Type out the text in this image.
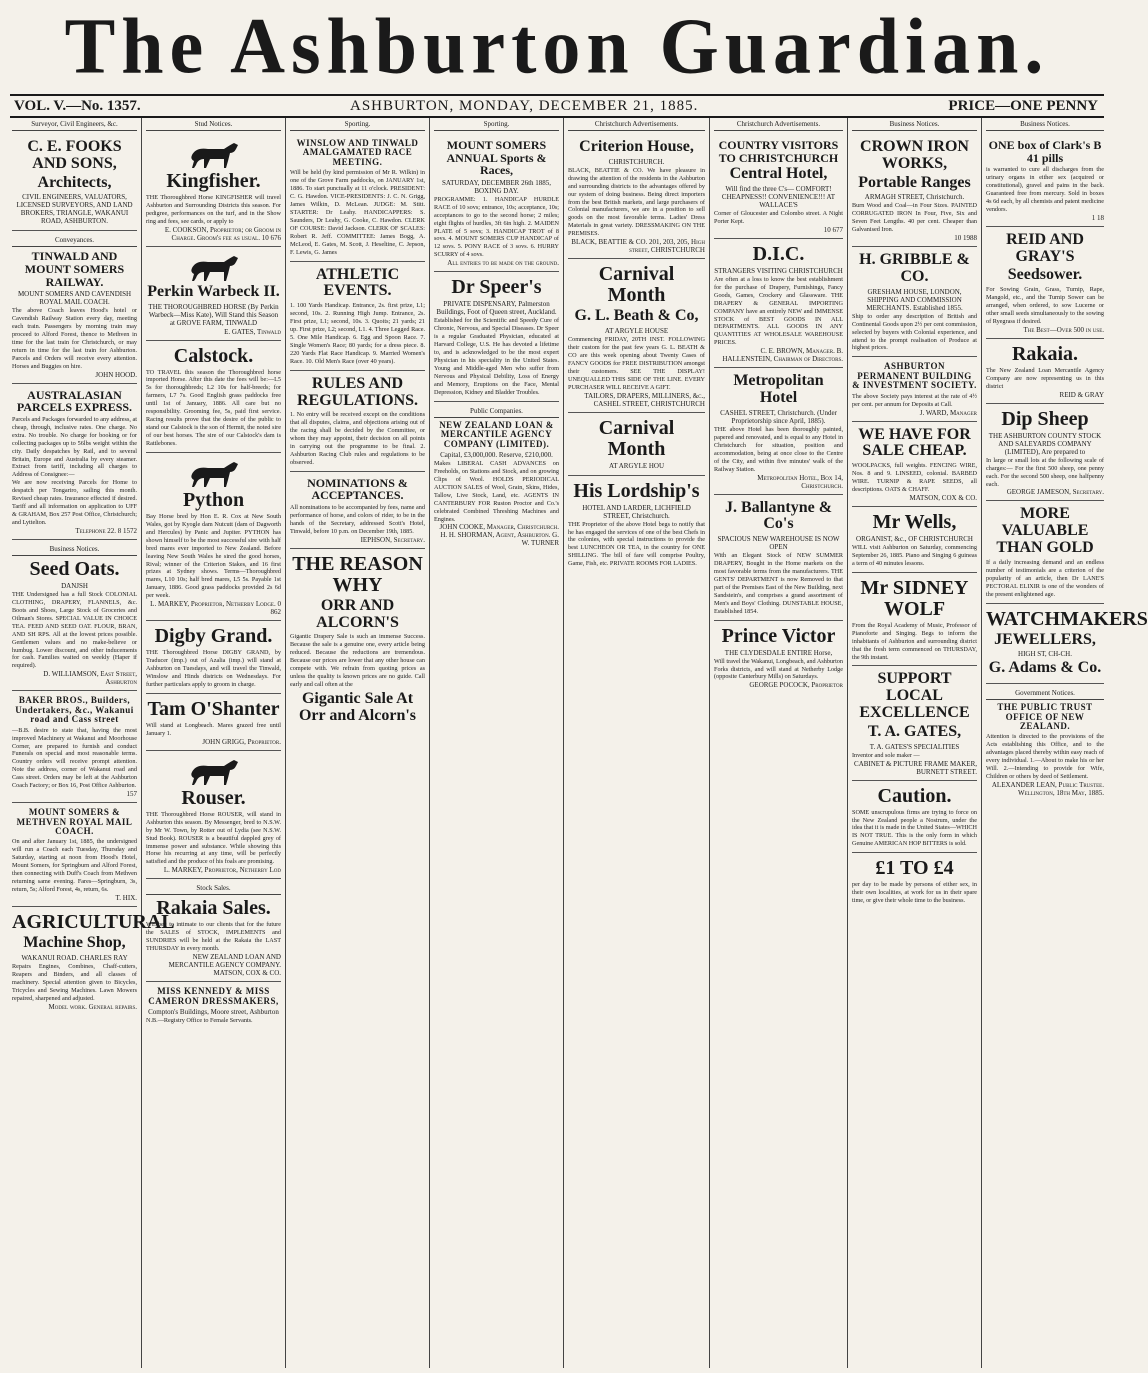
The Ashburton Guardian.
VOL. V.—No. 1357.	ASHBURTON, MONDAY, DECEMBER 21, 1885.	PRICE—ONE PENNY
Surveyor, Civil Engineers, &c.
C. E. FOOKS AND SONS,
Architects,
CIVIL ENGINEERS, VALUATORS, LICENSED SURVEYORS, AND LAND BROKERS, TRIANGLE, WAKANUI ROAD, ASHBURTON.
Conveyances.
TINWALD AND MOUNT SOMERS RAILWAY.
MOUNT SOMERS AND CAVENDISH ROYAL MAIL COACH.
The above Coach leaves Hood's hotel or Cavendish Railway Station every day, meeting each train. Passengers by morning train may proceed to Alford Forest, thence to Methven in time for the last train for Christchurch, or may return in time for the last train for Ashburton. Parcels and Orders will receive every attention. Horses and Buggies on hire.
JOHN HOOD.
AUSTRALASIAN PARCELS EXPRESS.
Parcels and Packages forwarded to any address, at cheap, through, inclusive rates. One charge. No extra. No trouble. No charge for booking or for collecting packages up to 56lbs weight within the city. Daily despatches by Rail, and to several Britain, Europe and Australia by every steamer. Extract from tariff, including all charges to Address of Consignee:—
We are now receiving Parcels for Home to despatch per Tongariro, sailing this month. Revised cheap rates. Insurance effected if desired. Tariff and all information on application to UFF & GRAHAM, Box 257 Post Office, Christchurch; and Lyttelton.
Telephone 22. 8 1572
Business Notices.
Seed Oats.
DANJSH
THE Undersigned has a full Stock COLONIAL CLOTHING, DRAPERY, FLANNELS, &c. Boots and Shoes, Large Stock of Groceries and Oilman's Stores. SPECIAL VALUE IN CHOICE TEA. FEED AND SEED OAT. FLOUR, BRAN, AND SH RPS. All at the lowest prices possible. Gentlemen values and no make-believe or humbug. Lower discount, and other inducements for cash. Families waited on weekly (Haper if required).
D. WILLIAMSON, East Street, Ashburton
BAKER BROS., Builders, Undertakers, &c., Wakanui road and Cass street
—B.B. desire to state that, having the most improved Machinery at Wakanui and Moorhouse Corner, are prepared to furnish and conduct Funerals on special and most reasonable terms. Country orders will receive prompt attention. Note the address, corner of Wakanui road and Cass street. Orders may be left at the Ashburton Coach Factory; or Box 16, Post Office Ashburton.
157
MOUNT SOMERS & METHVEN ROYAL MAIL COACH.
On and after January 1st, 1885, the undersigned will run a Coach each Tuesday, Thursday and Saturday, starting at noon from Hood's Hotel, Mount Somers, for Springburn and Alford Forest, then connecting with Duff's Coach from Methven returning same evening. Fares—Springburn, 3s, return, 5s; Alford Forest, 4s, return, 6s.
T. HIX.
AGRICULTURAL
Machine Shop,
WAKANUI ROAD. CHARLES RAY
Repairs Engines, Combines, Chaff-cutters, Reapers and Binders, and all classes of machinery. Special attention given to Bicycles, Tricycles and Sewing Machines. Lawn Mowers repaired, sharpened and adjusted.
Model work. General repairs.
Stud Notices.
Kingfisher.
THE Thoroughbred Horse KINGFISHER will travel Ashburton and Surrounding Districts this season. For pedigree, performances on the turf, and in the Show ring and fees, see cards, or apply to
E. COOKSON, Proprietor; or Groom in Charge. Groom's fee as usual. 10 676
Perkin Warbeck II.
THE THOROUGHBRED HORSE (By Perkin Warbeck—Miss Kate), Will Stand this Season at GROVE FARM, TINWALD
E. GATES, Tinwald
Calstock.
TO TRAVEL this season the Thoroughbred horse imported Horse. After this date the fees will be:—L5 5s for thoroughbreds; L2 10s for half-breeds; for farmers, L7 7s. Good English grass paddocks free until 1st of January, 1886. All care but no responsibility. Grooming fee, 5s, paid first service. Racing results prove that the desire of the public to stand our Calstock is the son of Hermit, the noted sire of our best horses. The sire of our Calstock's dam is Rattlebones.
Python
Bay Horse bred by Hon E. R. Cox at New South Wales, got by Kyogle dam Nutcutt (dam of Dagworth and Hercules) by Panic and Jupiter. PYTHON has shown himself to be the most successful sire with half bred mares ever imported to New Zealand. Before leaving New South Wales he sired the good horses, Rival; winner of the Criterion Stakes, and 16 first prizes at Sydney shows. Terms—Thoroughbred mares, L10 10s; half bred mares, L5 5s. Payable 1st January, 1886. Good grass paddocks provided 2s 6d per week.
L. MARKEY, Proprietor, Netherby Lodge. 0 862
Digby Grand.
THE Thoroughbred Horse DIGBY GRAND, by Traducer (imp.) out of Azalia (imp.) will stand at Ashburton on Tuesdays, and will travel the Tinwald, Winslow and Hinds districts on Wednesdays. For further particulars apply to groom in charge.
Tam O'Shanter
Will stand at Longbeach. Mares grazed free until January 1.
JOHN GRIGG, Proprietor.
Rouser.
THE Thoroughbred Horse ROUSER, will stand in Ashburton this season. By Messenger, bred to N.S.W. by Mr W. Town, by Rotter out of Lydia (see N.S.W. Stud Book). ROUSER is a beautiful dappled grey of immense power and substance. While showing this Horse his recurring at any time, will be perfectly satisfied and the produce of his foals are promising.
L. MARKEY, Proprietor, Netherby Lod
Stock Sales.
Rakaia Sales.
WE beg to intimate to our clients that for the future the SALES of STOCK, IMPLEMENTS and SUNDRIES will be held at the Rakaia the LAST THURSDAY in every month.
NEW ZEALAND LOAN AND MERCANTILE AGENCY COMPANY. MATSON, COX & CO.
MISS KENNEDY & MISS CAMERON DRESSMAKERS,
Compton's Buildings, Moore street, Ashburton
N.B.—Registry Office to Female Servants.
Sporting.
WINSLOW AND TINWALD AMALGAMATED RACE MEETING.
Will be held (by kind permission of Mr R. Wilkin) in one of the Grove Farm paddocks, on JANUARY 1st, 1886. To start punctually at 11 o'clock. PRESIDENT: C. G. Hawdon. VICE-PRESIDENTS: J. C. N. Grigg, James Wilkin, D. McLean. JUDGE: M. Stitt. STARTER: Dr Leahy. HANDICAPPERS: S. Saunders, Dr Leahy, G. Cooke, C. Hawdon. CLERK OF COURSE: David Jackson. CLERK OF SCALES: Robert R. Jeff. COMMITTEE: James Bogg, A. McLeod, E. Gates, M. Scott, J. Heseltine, C. Jepson, F. Lewis, G. James
ATHLETIC EVENTS.
1. 100 Yards Handicap. Entrance, 2s. first prize, L1; second, 10s. 2. Running High Jump. Entrance, 2s. First prize, L1; second, 10s. 3. Quoits; 21 yards; 21 up. First prize, L2; second, L1. 4. Three Legged Race. 5. One Mile Handicap. 6. Egg and Spoon Race. 7. Single Women's Race; 80 yards; for a dress piece. 8. 220 Yards Flat Race Handicap. 9. Married Women's Race. 10. Old Men's Race (over 40 years).
RULES AND REGULATIONS.
1. No entry will be received except on the conditions that all disputes, claims, and objections arising out of the racing shall be decided by the Committee, or whom they may appoint, their decision on all points in carrying out the programme to be final. 2. Ashburton Racing Club rules and regulations to be observed.
NOMINATIONS & ACCEPTANCES.
All nominations to be accompanied by fees, name and performance of horse, and colors of rider, to be in the hands of the Secretary, addressed Scott's Hotel, Tinwald, before 10 p.m. on December 19th, 1885.
IEPHSON, Secretary.
THE REASON WHY
ORR AND ALCORN'S
Gigantic Drapery Sale is such an immense Success. Because the sale is a genuine one, every article being reduced. Because the reductions are tremendous. Because our prices are lower that any other house can compete with. We refrain from quoting prices as unless the quality is known prices are no guide. Call early and call often at the
Gigantic Sale At Orr and Alcorn's
Sporting.
MOUNT SOMERS ANNUAL Sports & Races,
SATURDAY, DECEMBER 26th 1885, BOXING DAY.
PROGRAMME: 1. HANDICAP HURDLE RACE of 10 sovs; entrance, 10s; acceptance, 10s; acceptances to go to the second horse; 2 miles; eight flights of hurdles, 3ft 6in high. 2. MAIDEN PLATE of 5 sovs; 3. HANDICAP TROT of 8 sovs. 4. MOUNT SOMERS CUP HANDICAP of 12 sovs. 5. PONY RACE of 3 sovs. 6. HURRY SCURRY of 4 sovs.
All entries to be made on the ground.
Dr Speer's
PRIVATE DISPENSARY, Palmerston Buildings, Foot of Queen street, Auckland.
Established for the Scientific and Speedy Cure of Chronic, Nervous, and Special Diseases. Dr Speer is a regular Graduated Physician, educated at Harvard College, U.S. He has devoted a lifetime to, and is acknowledged to be the most expert Physician in his speciality in the United States. Young and Middle-aged Men who suffer from Nervous and Physical Debility, Loss of Energy and Memory, Eruptions on the Face, Mental Depression, Kidney and Bladder Troubles.
Public Companies.
NEW ZEALAND LOAN & MERCANTILE AGENCY COMPANY (LIMITED).
Capital, £3,000,000. Reserve, £210,000.
Makes LIBERAL CASH ADVANCES on Freeholds, on Stations and Stock, and on growing Clips of Wool. HOLDS PERIODICAL AUCTION SALES of Wool, Grain, Skins, Hides, Tallow, Live Stock, Land, etc. AGENTS IN CANTERBURY FOR Ruston Proctor and Co.'s celebrated Combined Threshing Machines and Engines.
JOHN COOKE, Manager, Christchurch. H. H. SHORMAN, Agent, Ashburton. G. W. TURNER
Christchurch Advertisements.
Criterion House,
CHRISTCHURCH.
BLACK, BEATTIE & CO. We have pleasure in drawing the attention of the residents in the Ashburton and surrounding districts to the advantages offered by our system of doing business. Being direct importers from the best British markets, and large purchasers of Colonial manufacturers, we are in a position to sell goods on the most favorable terms. Ladies' Dress Materials in great variety. DRESSMAKING ON THE PREMISES.
BLACK, BEATTIE & CO. 201, 203, 205, High street, CHRISTCHURCH
Carnival Month
G. L. Beath & Co,
AT ARGYLE HOUSE
Commencing FRIDAY, 20TH INST. FOLLOWING their custom for the past few years G. L. BEATH & CO are this week opening about Twenty Cases of FANCY GOODS for FREE DISTRIBUTION amongst their customers. SEE THE DISPLAY! UNEQUALLED THIS SIDE OF THE LINE. EVERY PURCHASER WILL RECEIVE A GIFT.
TAILORS, DRAPERS, MILLINERS, &c., CASHEL STREET, CHRISTCHURCH
Carnival Month
AT ARGYLE HOU
His Lordship's
HOTEL AND LARDER, LICHFIELD STREET, Christchurch.
THE Proprietor of the above Hotel begs to notify that he has engaged the services of one of the best Chefs in the colonies, with special instructions to provide the best LUNCHEON OR TEA, in the country for ONE SHILLING. The bill of fare will comprise Poultry, Game, Fish, etc. PRIVATE ROOMS FOR LADIES.
Christchurch Advertisements.
COUNTRY VISITORS TO CHRISTCHURCH
Central Hotel,
Will find the three C's— COMFORT! CHEAPNESS!! CONVENIENCE!!! AT WALLACE'S
Corner of Gloucester and Colombo street. A Night Porter Kept.
10 677
D.I.C.
STRANGERS VISITING CHRISTCHURCH
Are often at a loss to know the best establishment for the purchase of Drapery, Furnishings, Fancy Goods, Games, Crockery and Glassware. THE DRAPERY & GENERAL IMPORTING COMPANY have an entirely NEW and IMMENSE STOCK of BEST GOODS IN ALL DEPARTMENTS. ALL GOODS IN ANY QUANTITIES AT WHOLESALE WAREHOUSE PRICES.
C. E. BROWN, Manager. B. HALLENSTEIN, Chairman of Directors.
Metropolitan Hotel
CASHEL STREET, Christchurch. (Under Proprietorship since April, 1885).
THE above Hotel has been thoroughly painted, papered and renovated, and is equal to any Hotel in Christchurch for situation, position and accommodation, being at once close to the Centre of the City, and within five minutes' walk of the Railway Station.
Metropolitan Hotel, Box 14, Christchurch.
J. Ballantyne & Co's
SPACIOUS NEW WAREHOUSE IS NOW OPEN
With an Elegant Stock of NEW SUMMER DRAPERY, Bought in the Home markets on the most favorable terms from the manufacturers. THE GENTS' DEPARTMENT is now Removed to that part of the Premises East of the New Building, next Sandstein's, and comprises a grand assortment of Men's and Boys' Clothing. DUNSTABLE HOUSE, Established 1854.
Prince Victor
THE CLYDESDALE ENTIRE Horse,
Will travel the Wakanui, Longbeach, and Ashburton Forks districts, and will stand at Netherby Lodge (opposite Canterbury Mills) on Saturdays.
GEORGE POCOCK, Proprietor
Business Notices.
CROWN IRON WORKS,
Portable Ranges
ARMAGH STREET, Christchurch.
Burn Wood and Coal—in Four Sizes. PAINTED CORRUGATED IRON In Four, Five, Six and Seven Feet Lengths. 40 per cent. Cheaper than Galvanised Iron.
10 1988
H. GRIBBLE & CO.
GRESHAM HOUSE, LONDON, SHIPPING AND COMMISSION MERCHANTS. Established 1855.
Ship to order any description of British and Continental Goods upon 2½ per cent commission, selected by buyers with Colonial experience, and attend to the prompt realisation of Produce at highest prices.
ASHBURTON PERMANENT BUILDING & INVESTMENT SOCIETY.
The above Society pays interest at the rate of 4½ per cent. per annum for Deposits at Call.
J. WARD, Manager
WE HAVE FOR SALE CHEAP.
WOOLPACKS, full weights. FENCING WIRE, Nos. 8 and 9. LINSEED, colonial. BARBED WIRE. TURNIP & RAPE SEEDS, all descriptions. OATS & CHAFF.
MATSON, COX & CO.
Mr Wells,
ORGANIST, &c., OF CHRISTCHURCH
WILL visit Ashburton on Saturday, commencing September 26, 1885. Piano and Singing 6 guineas a term of 40 minutes lessons.
Mr SIDNEY WOLF
From the Royal Academy of Music, Professor of Pianoforte and Singing. Begs to inform the inhabitants of Ashburton and surrounding district that the fresh term commenced on THURSDAY, the 9th instant.
SUPPORT LOCAL EXCELLENCE
T. A. GATES,
T. A. GATES'S SPECIALITIES
Inventor and sole maker —
CABINET & PICTURE FRAME MAKER, BURNETT STREET.
Caution.
SOME unscrupulous firms are trying to force on the New Zealand people a Nostrum, under the idea that it is made in the United States—WHICH IS NOT TRUE. This is the only form in which Genuine AMERICAN HOP BITTERS is sold.
£1 TO £4
per day to be made by persons of either sex, in their own localities, at work for us in their spare time, or give their whole time to the business.
Business Notices.
ONE box of Clark's B 41 pills
is warranted to cure all discharges from the urinary organs in either sex (acquired or constitutional), gravel and pains in the back. Guaranteed free from mercury. Sold in boxes 4s 6d each, by all chemists and patent medicine vendors.
1 18
REID AND GRAY'S
Seedsower.
For Sowing Grain, Grass, Turnip, Rape, Mangold, etc., and the Turnip Sower can be arranged, when ordered, to sow Lucerne or other small seeds simultaneously to the sowing of Ryegrass if desired.
The Best—Over 500 in use.
Rakaia.
The New Zealand Loan Mercantile Agency Company are now representing us in this district
REID & GRAY
Dip Sheep
THE ASHBURTON COUNTY STOCK AND SALEYARDS COMPANY (LIMITED), Are prepared to
In large or small lots at the following scale of charges:— For the first 500 sheep, one penny each. For the second 500 sheep, one halfpenny each.
GEORGE JAMESON, Secretary.
MORE VALUABLE THAN GOLD
If a daily increasing demand and an endless number of testimonials are a criterion of the popularity of an article, then Dr LANE'S PECTORAL ELIXIR is one of the wonders of the present enlightened age.
WATCHMAKERS
JEWELLERS,
HIGH ST, CH-CH.
G. Adams & Co.
Government Notices.
THE PUBLIC TRUST OFFICE OF NEW ZEALAND.
Attention is directed to the provisions of the Acts establishing this Office, and to the advantages placed thereby within easy reach of every individual. 1.—About to make his or her Will. 2.—Intending to provide for Wife, Children or others by deed of Settlement.
ALEXANDER LEAN, Public Trustee. Wellington, 18th May, 1885.
